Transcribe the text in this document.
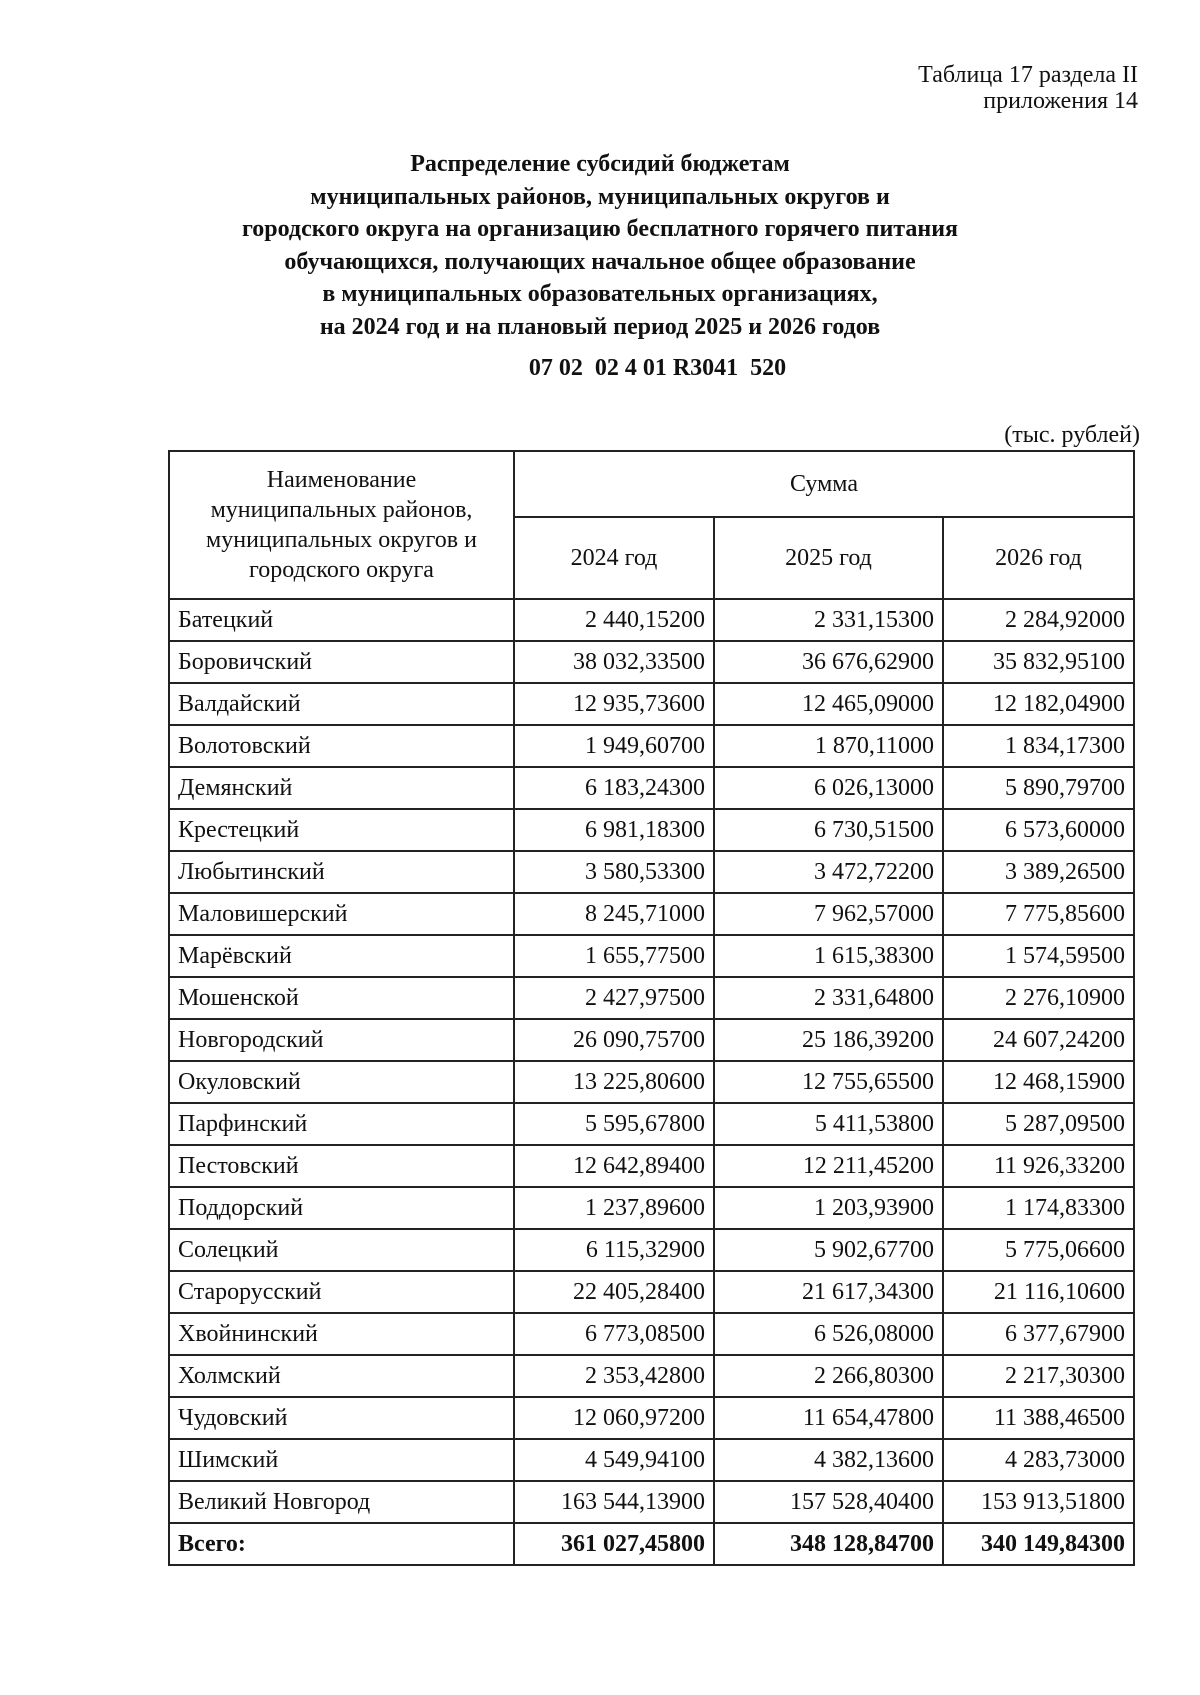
Таблица 17 раздела II
приложения 14
Распределение субсидий бюджетам
муниципальных районов, муниципальных округов и
городского округа на организацию бесплатного горячего питания
обучающихся, получающих начальное общее образование
в муниципальных образовательных организациях,
на 2024 год и на плановый период 2025 и 2026 годов
07 02  02 4 01 R3041  520
(тыс. рублей)
Наименование муниципальных районов, муниципальных округов и городского округа	Сумма		
	2024 год	2025 год	2026 год
Батецкий	2 440,15200	2 331,15300	2 284,92000
Боровичский	38 032,33500	36 676,62900	35 832,95100
Валдайский	12 935,73600	12 465,09000	12 182,04900
Волотовский	1 949,60700	1 870,11000	1 834,17300
Демянский	6 183,24300	6 026,13000	5 890,79700
Крестецкий	6 981,18300	6 730,51500	6 573,60000
Любытинский	3 580,53300	3 472,72200	3 389,26500
Маловишерский	8 245,71000	7 962,57000	7 775,85600
Марёвский	1 655,77500	1 615,38300	1 574,59500
Мошенской	2 427,97500	2 331,64800	2 276,10900
Новгородский	26 090,75700	25 186,39200	24 607,24200
Окуловский	13 225,80600	12 755,65500	12 468,15900
Парфинский	5 595,67800	5 411,53800	5 287,09500
Пестовский	12 642,89400	12 211,45200	11 926,33200
Поддорский	1 237,89600	1 203,93900	1 174,83300
Солецкий	6 115,32900	5 902,67700	5 775,06600
Старорусский	22 405,28400	21 617,34300	21 116,10600
Хвойнинский	6 773,08500	6 526,08000	6 377,67900
Холмский	2 353,42800	2 266,80300	2 217,30300
Чудовский	12 060,97200	11 654,47800	11 388,46500
Шимский	4 549,94100	4 382,13600	4 283,73000
Великий Новгород	163 544,13900	157 528,40400	153 913,51800
Всего:	361 027,45800	348 128,84700	340 149,84300
